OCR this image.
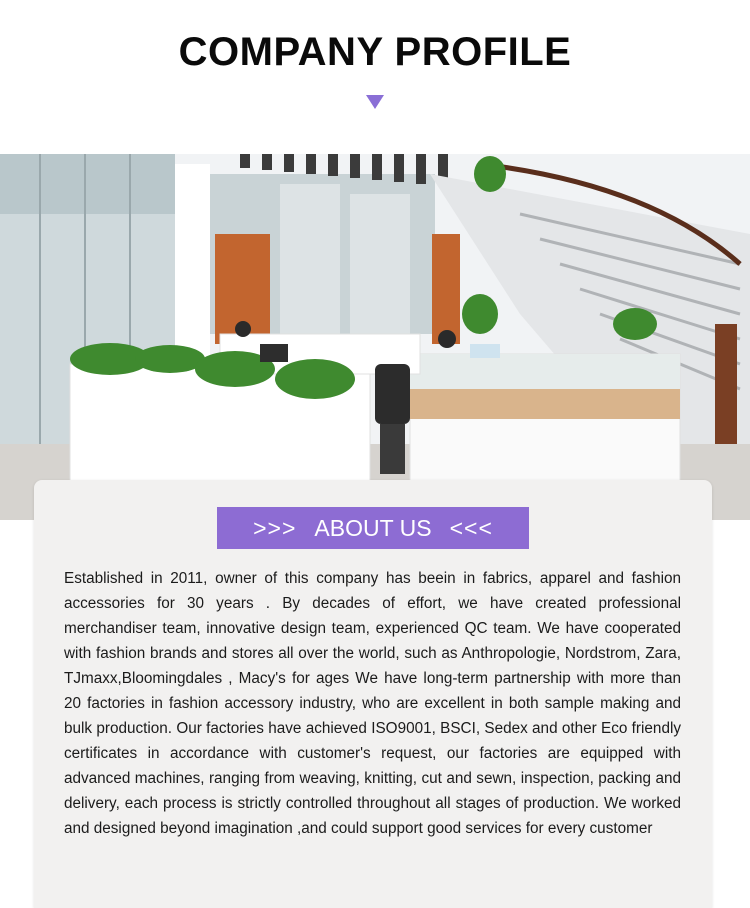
COMPANY PROFILE
>>> ABOUT US <<<

Established in 2011, owner of this company has beein in fabrics, apparel and fashion accessories for 30 years . By decades of effort, we have created professional merchandiser team, innovative design team, experienced QC team. We have cooperated with fashion brands and stores all over the world, such as Anthropologie, Nordstrom, Zara, TJmaxx,Bloomingdales , Macy's for ages We have long-term partnership with more than 20 factories in fashion accessory industry, who are excellent in both sample making and bulk production. Our factories have achieved ISO9001, BSCI, Sedex and other Eco friendly certificates in accordance with customer's request, our factories are equipped with advanced machines, ranging from weaving, knitting, cut and sewn, inspection, packing and delivery, each process is strictly controlled throughout all stages of production. We worked and designed beyond imagination ,and could support good services for every customer
